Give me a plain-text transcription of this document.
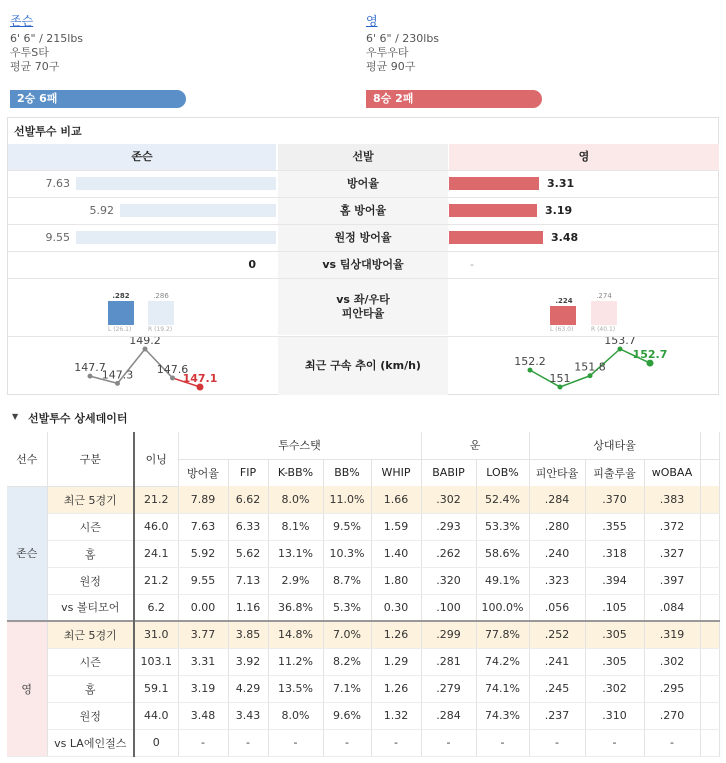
존슨
6' 6" / 215lbs
우투S타
평균 70구
2승 6패
영
6' 6" / 230lbs
우투우타
평균 90구
8승 2패
선발투수 비교
존슨	선발	영
방어율
7.63	3.31
홈 방어율
5.92	3.19
원정 방어율
9.55	3.48
vs 팀상대방어율
0	-
vs 좌/우타
피안타율
.282	.286
L (26.1)	R (19.2)
.224
.274
L (63.0)	R (40.1)
최근 구속 추이 (km/h)
147.7
147.3
149.2
147.6
147.1
152.2
151
151.8
153.7
152.7
▼ 선발투수 상세데이터
선수	구분	이닝	투수스탯					운		상대타율			
			방어율	FIP	K-BB%	BB%	WHIP	BABIP	LOB%	피안타율	피출루율	wOBAA	
존슨	최근 5경기	21.2	7.89	6.62	8.0%	11.0%	1.66	.302	52.4%	.284	.370	.383	
	시즌	46.0	7.63	6.33	8.1%	9.5%	1.59	.293	53.3%	.280	.355	.372	
	홈	24.1	5.92	5.62	13.1%	10.3%	1.40	.262	58.6%	.240	.318	.327	
	원정	21.2	9.55	7.13	2.9%	8.7%	1.80	.320	49.1%	.323	.394	.397	
	vs 볼티모어	6.2	0.00	1.16	36.8%	5.3%	0.30	.100	100.0%	.056	.105	.084	
영	최근 5경기	31.0	3.77	3.85	14.8%	7.0%	1.26	.299	77.8%	.252	.305	.319	
	시즌	103.1	3.31	3.92	11.2%	8.2%	1.29	.281	74.2%	.241	.305	.302	
	홈	59.1	3.19	4.29	13.5%	7.1%	1.26	.279	74.1%	.245	.302	.295	
	원정	44.0	3.48	3.43	8.0%	9.6%	1.32	.284	74.3%	.237	.310	.270	
	vs LA에인절스	0	-	-	-	-	-	-	-	-	-	-	
